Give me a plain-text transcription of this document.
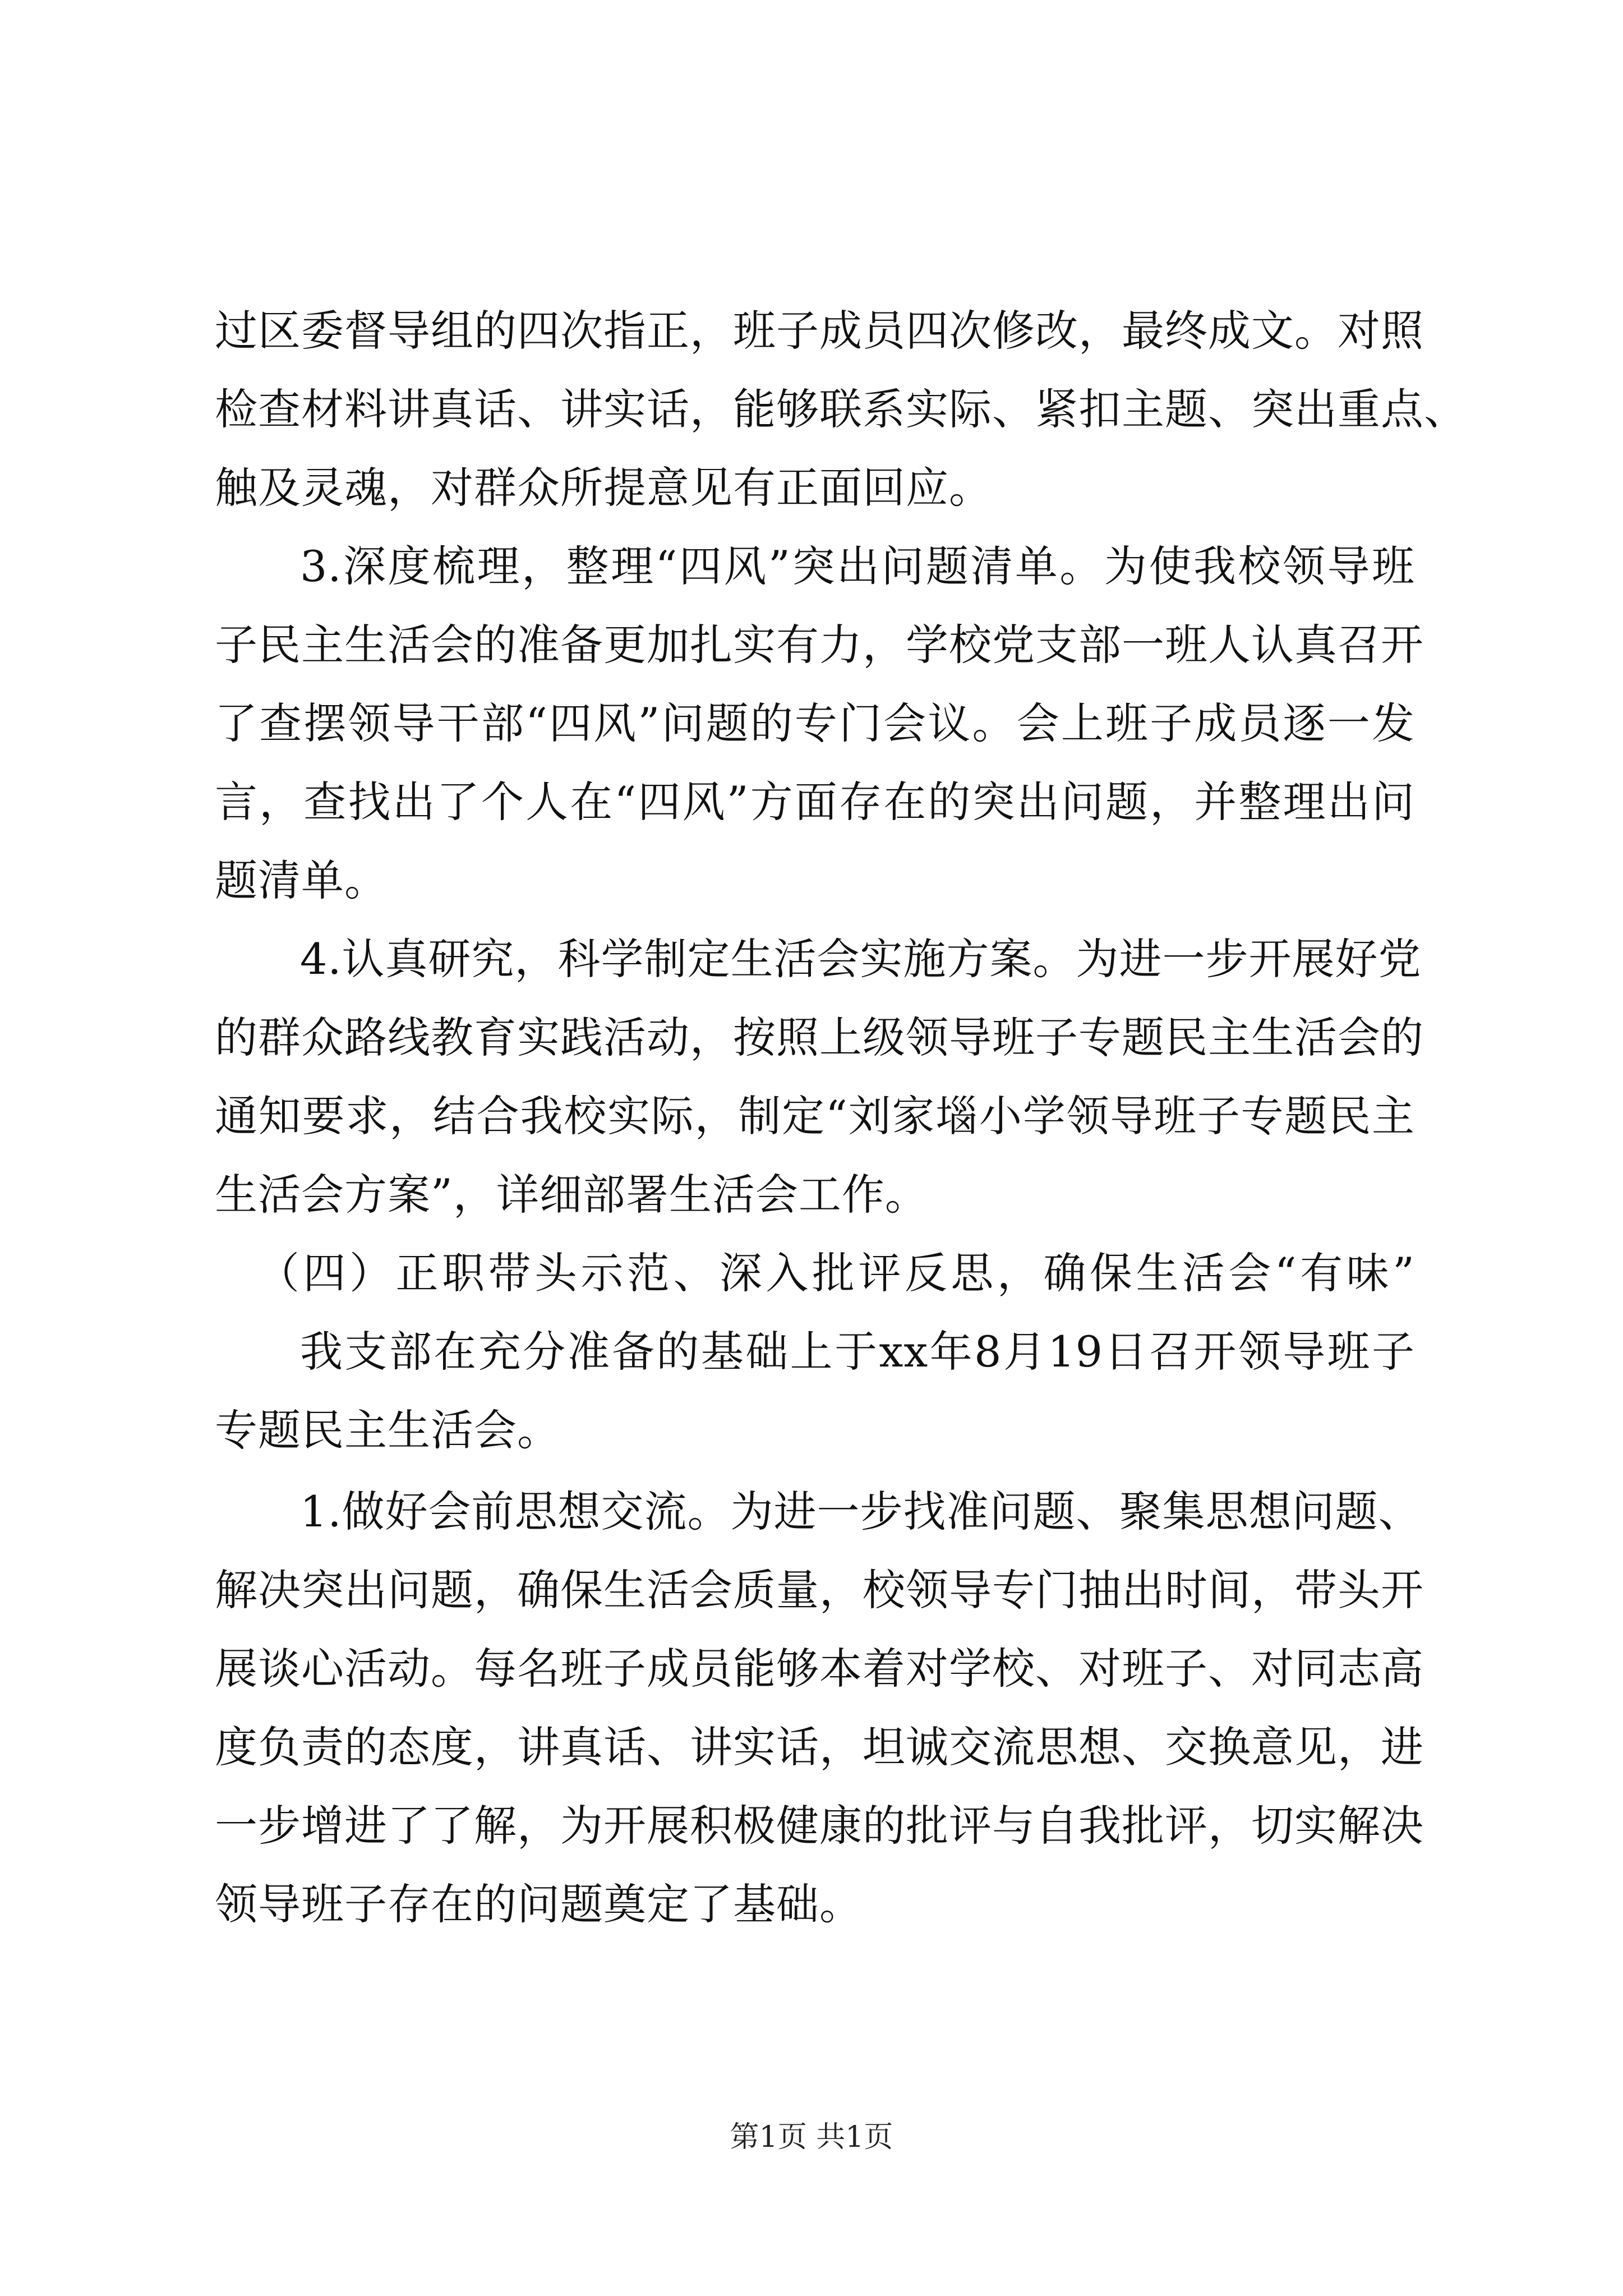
过区委督导组的四次指正，班子成员四次修改，最终成文。对照
检查材料讲真话、讲实话，能够联系实际、紧扣主题、突出重点、
触及灵魂，对群众所提意见有正面回应。
3.深度梳理，整理“四风”突出问题清单。为使我校领导班
子民主生活会的准备更加扎实有力，学校党支部一班人认真召开
了查摆领导干部“四风”问题的专门会议。会上班子成员逐一发
言，查找出了个人在“四风”方面存在的突出问题，并整理出问
题清单。
4.认真研究，科学制定生活会实施方案。为进一步开展好党
的群众路线教育实践活动，按照上级领导班子专题民主生活会的
通知要求，结合我校实际，制定“刘家堖小学领导班子专题民主
生活会方案”，详细部署生活会工作。
（四）正职带头示范、深入批评反思，确保生活会“有味”
我支部在充分准备的基础上于xx年8月19日召开领导班子
专题民主生活会。
1.做好会前思想交流。为进一步找准问题、聚集思想问题、
解决突出问题，确保生活会质量，校领导专门抽出时间，带头开
展谈心活动。每名班子成员能够本着对学校、对班子、对同志高
度负责的态度，讲真话、讲实话，坦诚交流思想、交换意见，进
一步增进了了解，为开展积极健康的批评与自我批评，切实解决
领导班子存在的问题奠定了基础。
第1页 共1页
